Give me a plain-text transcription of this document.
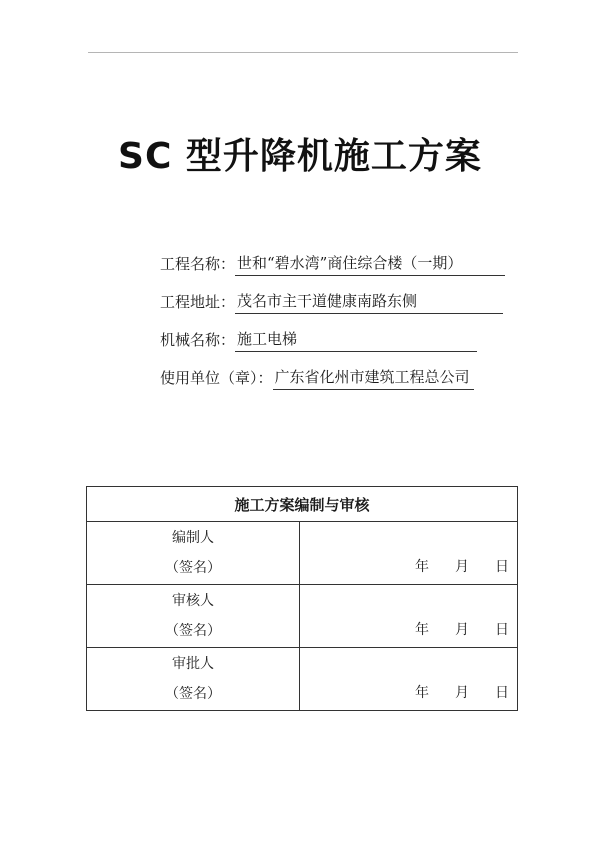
SC 型升降机施工方案
工程名称： 世和“碧水湾”商住综合楼（一期）
工程地址： 茂名市主干道健康南路东侧
机械名称： 施工电梯
使用单位（章）： 广东省化州市建筑工程总公司
施工方案编制与审核	

编制人
（签名）	年 月 日

审核人
（签名）	年 月 日

审批人
（签名）	年 月 日
